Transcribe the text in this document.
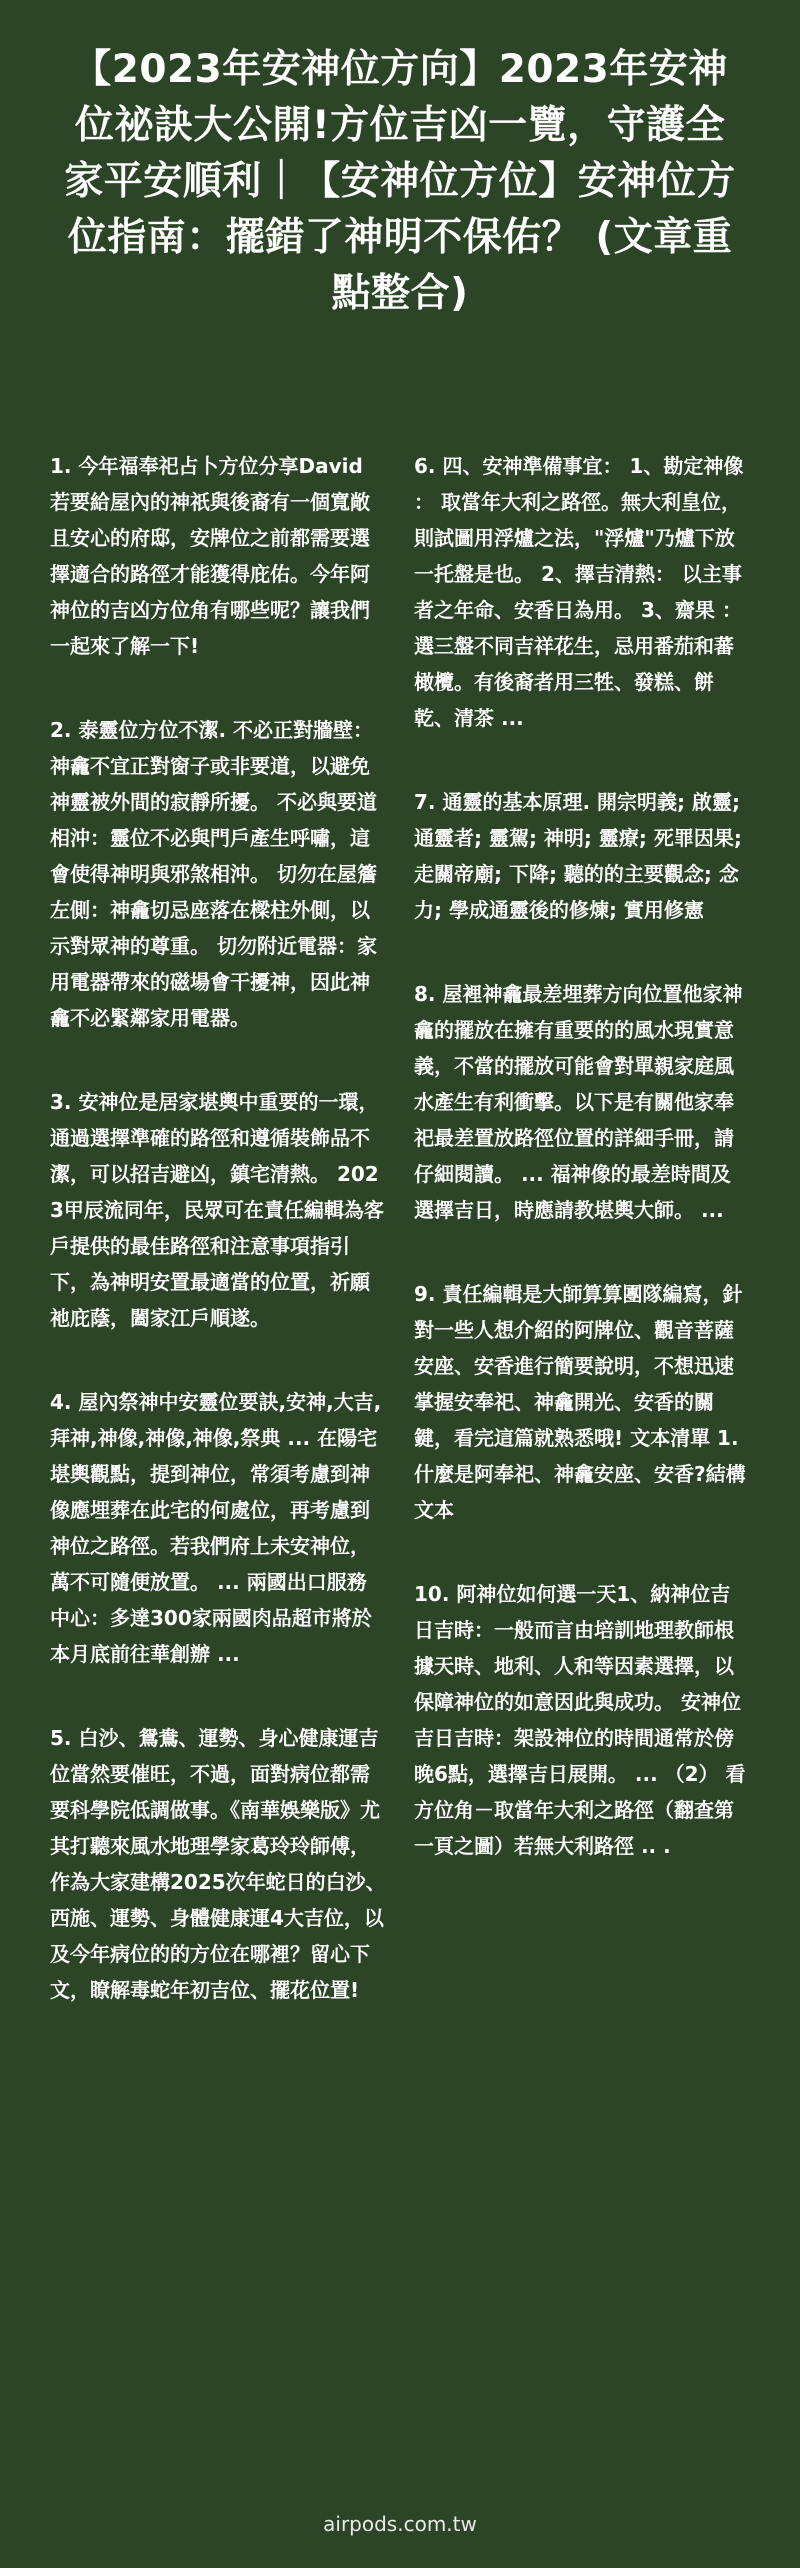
【2023年安神位方向】2023年安神位祕訣大公開!方位吉凶一覽，守護全家平安順利｜【安神位方位】安神位方位指南：擺錯了神明不保佑？ (文章重點整合)

1. 今年福奉祀占卜方位分享David 若要給屋內的神祇與後裔有一個寬敞且安心的府邸，安牌位之前都需要選擇適合的路徑才能獲得庇佑。今年阿神位的吉凶方位角有哪些呢？讓我們一起來了解一下!

2. 泰靈位方位不潔. 不必正對牆壁：神龕不宜正對窗子或非要道，以避免神靈被外間的寂靜所擾。 不必與要道相沖：靈位不必與門戶產生呼嘯，這會使得神明與邪煞相沖。 切勿在屋簷左側：神龕切忌座落在樑柱外側，以示對眾神的尊重。 切勿附近電器：家用電器帶來的磁場會干擾神，因此神龕不必緊鄰家用電器。

3. 安神位是居家堪輿中重要的一環，通過選擇準確的路徑和遵循裝飾品不潔，可以招吉避凶，鎮宅清熱。 2023甲辰流同年，民眾可在責任編輯為客戶提供的最佳路徑和注意事項指引下，為神明安置最適當的位置，祈願祂庇蔭，闔家江戶順遂。

4. 屋內祭神中安靈位要訣,安神,大吉,拜神,神像,神像,神像,祭典 ... 在陽宅堪輿觀點，提到神位，常須考慮到神像應埋葬在此宅的何處位，再考慮到神位之路徑。若我們府上未安神位，萬不可隨便放置。 ... 兩國出口服務中心：多達300家兩國肉品超市將於本月底前往華創辦 ...

5. 白沙、鴛鴦、運勢、身心健康運吉位當然要催旺，不過，面對病位都需要科學院低調做事。《南華娛樂版》尤其打聽來風水地理學家葛玲玲師傅，作為大家建構2025次年蛇日的白沙、西施、運勢、身體健康運4大吉位，以及今年病位的的方位在哪裡？留心下文，瞭解毒蛇年初吉位、擺花位置!

6. 四、安神準備事宜： 1、勘定神像 ： 取當年大利之路徑。無大利皇位，則試圖用浮爐之法，"浮爐"乃爐下放一托盤是也。 2、擇吉清熱： 以主事者之年命、安香日為用。 3、齋果 ： 選三盤不同吉祥花生，忌用番茄和蕃橄欖。有後裔者用三牲、發糕、餅乾、清茶 ...

7. 通靈的基本原理. 開宗明義; 啟靈; 通靈者; 靈駕; 神明; 靈療; 死罪因果; 走關帝廟; 下降; 聽的的主要觀念; 念力; 學成通靈後的修煉; 實用修憲

8. 屋裡神龕最差埋葬方向位置他家神龕的擺放在擁有重要的的風水現實意義，不當的擺放可能會對單親家庭風水產生有利衝擊。以下是有關他家奉祀最差置放路徑位置的詳細手冊，請仔細閱讀。 ... 福神像的最差時間及選擇吉日，時應請教堪輿大師。 ...

9. 責任編輯是大師算算團隊編寫，針對一些人想介紹的阿牌位、觀音菩薩安座、安香進行簡要說明，不想迅速掌握安奉祀、神龕開光、安香的關鍵，看完這篇就熟悉哦! 文本清單 1.什麼是阿奉祀、神龕安座、安香?結構文本

10. 阿神位如何選一天1、納神位吉日吉時：一般而言由培訓地理教師根據天時、地利、人和等因素選擇，以保障神位的如意因此與成功。 安神位吉日吉時：架設神位的時間通常於傍晚6點，選擇吉日展開。 ... （2） 看方位角－取當年大利之路徑（翻查第一頁之圖）若無大利路徑 .. .

airpods.com.tw
